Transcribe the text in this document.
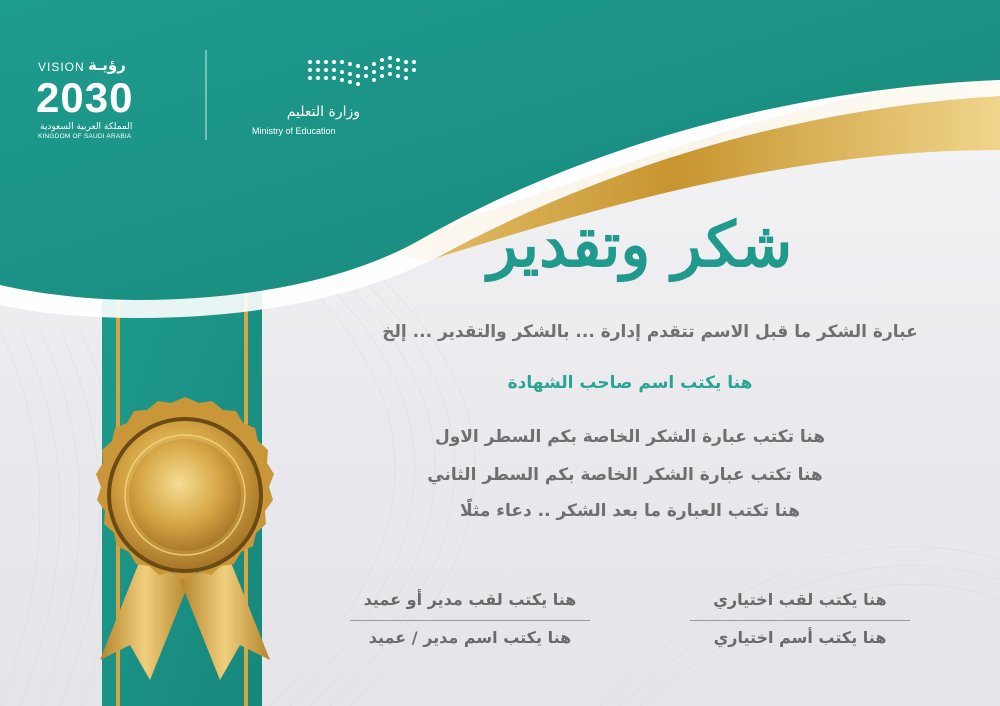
VISION رؤيـة
2030
المملكة العربية السعودية
KINGDOM OF SAUDI ARABIA
وزارة التعليم
Ministry of Education
شكر وتقدير
عبارة الشكر ما قبل الاسم تتقدم إدارة ... بالشكر والتقدير ... إلخ
هنا يكتب اسم صاحب الشهادة
هنا تكتب عبارة الشكر الخاصة بكم السطر الاول
هنا تكتب عبارة الشكر الخاصة بكم السطر الثاني
هنا تكتب العبارة ما بعد الشكر .. دعاء مثلًا
هنا يكتب لقب اختياري
هنا يكتب أسم اختياري
هنا يكتب لقب مدير أو عميد
هنا يكتب اسم مدير / عميد
